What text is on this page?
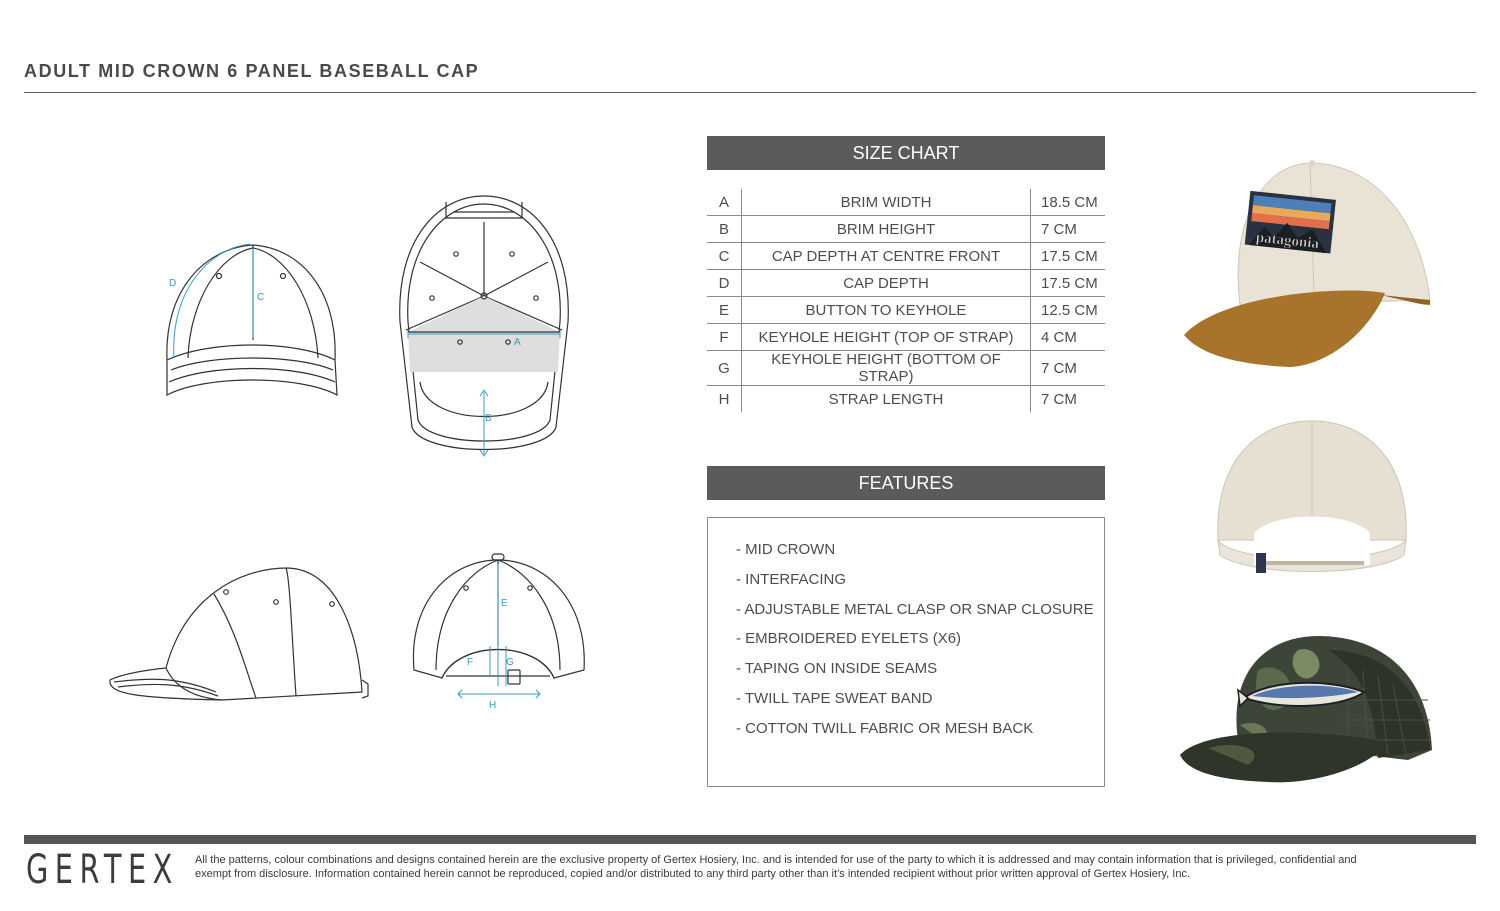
ADULT MID CROWN 6 PANEL BASEBALL CAP
D
C
A
B
E
F	G
H
SIZE CHART
A	BRIM WIDTH	18.5 CM
B	BRIM HEIGHT	7 CM
C	CAP DEPTH AT CENTRE FRONT	17.5 CM
D	CAP DEPTH	17.5 CM
E	BUTTON TO KEYHOLE	12.5 CM
F	KEYHOLE HEIGHT (TOP OF STRAP)	4 CM
G	KEYHOLE HEIGHT (BOTTOM OF STRAP)	7 CM
H	STRAP LENGTH	7 CM
FEATURES
- MID CROWN
- INTERFACING
- ADJUSTABLE METAL CLASP OR SNAP CLOSURE
- EMBROIDERED EYELETS (X6)
- TAPING ON INSIDE SEAMS
- TWILL TAPE SWEAT BAND
- COTTON TWILL FABRIC OR MESH BACK
patagonia
GERTEX All the patterns, colour combinations and designs contained herein are the exclusive property of Gertex Hosiery, Inc. and is intended for use of the party to which it is addressed and may contain information that is privileged, confidential and
exempt from disclosure. Information contained herein cannot be reproduced, copied and/or distributed to any third party other than it’s intended recipient without prior written approval of Gertex Hosiery, Inc.
